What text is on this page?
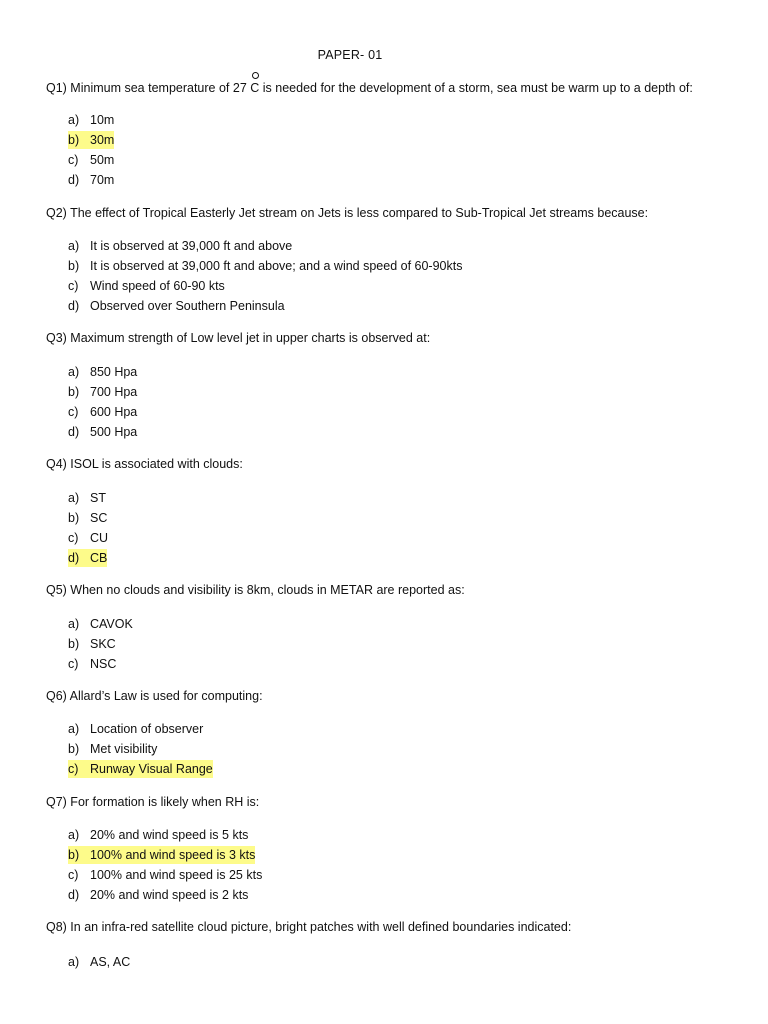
PAPER- 01
Q1) Minimum sea temperature of 27 C is needed for the development of a storm, sea must be warm up to a depth of:
a) 10m
b) 30m
c) 50m
d) 70m
Q2) The effect of Tropical Easterly Jet stream on Jets is less compared to Sub-Tropical Jet streams because:
a) It is observed at 39,000 ft and above
b) It is observed at 39,000 ft and above; and a wind speed of 60-90kts
c) Wind speed of 60-90 kts
d) Observed over Southern Peninsula
Q3) Maximum strength of Low level jet in upper charts is observed at:
a) 850 Hpa
b) 700 Hpa
c) 600 Hpa
d) 500 Hpa
Q4) ISOL is associated with clouds:
a) ST
b) SC
c) CU
d) CB
Q5) When no clouds and visibility is 8km, clouds in METAR are reported as:
a) CAVOK
b) SKC
c) NSC
Q6) Allard’s Law is used for computing:
a) Location of observer
b) Met visibility
c) Runway Visual Range
Q7) For formation is likely when RH is:
a) 20% and wind speed is 5 kts
b) 100% and wind speed is 3 kts
c) 100% and wind speed is 25 kts
d) 20% and wind speed is 2 kts
Q8) In an infra-red satellite cloud picture, bright patches with well defined boundaries indicated:
a) AS, AC
